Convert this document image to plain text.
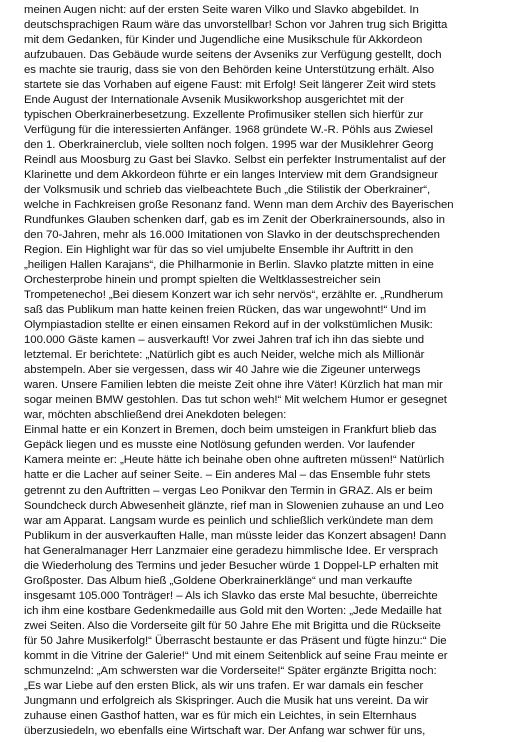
meinen Augen nicht: auf der ersten Seite waren Vilko und Slavko abgebildet. In
deutschsprachigen Raum wäre das unvorstellbar! Schon vor Jahren trug sich Brigitta
mit dem Gedanken, für Kinder und Jugendliche eine Musikschule für Akkordeon
aufzubauen. Das Gebäude wurde seitens der Avseniks zur Verfügung gestellt, doch
es machte sie traurig, dass sie von den Behörden keine Unterstützung erhält. Also
startete sie das Vorhaben auf eigene Faust: mit Erfolg! Seit längerer Zeit wird stets
Ende August der Internationale Avsenik Musikworkshop ausgerichtet mit der
typischen Oberkrainerbesetzung. Exzellente Profimusiker stellen sich hierfür zur
Verfügung für die interessierten Anfänger. 1968 gründete W.-R. Pöhls aus Zwiesel
den 1. Oberkrainerclub, viele sollten noch folgen. 1995 war der Musiklehrer Georg
Reindl aus Moosburg zu Gast bei Slavko. Selbst ein perfekter Instrumentalist auf der
Klarinette und dem Akkordeon führte er ein langes Interview mit dem Grandsigneur
der Volksmusik und schrieb das vielbeachtete Buch „die Stilistik der Oberkrainer“,
welche in Fachkreisen große Resonanz fand. Wenn man dem Archiv des Bayerischen
Rundfunkes Glauben schenken darf, gab es im Zenit der Oberkrainersounds, also in
den 70-Jahren, mehr als 16.000 Imitationen von Slavko in der deutschsprechenden
Region. Ein Highlight war für das so viel umjubelte Ensemble ihr Auftritt in den
„heiligen Hallen Karajans“, die Philharmonie in Berlin. Slavko platzte mitten in eine
Orchesterprobe hinein und prompt spielten die Weltklassestreicher sein
Trompetenecho! „Bei diesem Konzert war ich sehr nervös“, erzählte er. „Rundherum
saß das Publikum man hatte keinen freien Rücken, das war ungewohnt!“ Und im
Olympiastadion stellte er einen einsamen Rekord auf in der volkstümlichen Musik:
100.000 Gäste kamen – ausverkauft! Vor zwei Jahren traf ich ihn das siebte und
letztemal. Er berichtete: „Natürlich gibt es auch Neider, welche mich als Millionär
abstempeln. Aber sie vergessen, dass wir 40 Jahre wie die Zigeuner unterwegs
waren. Unsere Familien lebten die meiste Zeit ohne ihre Väter! Kürzlich hat man mir
sogar meinen BMW gestohlen. Das tut schon weh!“ Mit welchem Humor er gesegnet
war, möchten abschließend drei Anekdoten belegen:
Einmal hatte er ein Konzert in Bremen, doch beim umsteigen in Frankfurt blieb das
Gepäck liegen und es musste eine Notlösung gefunden werden. Vor laufender
Kamera meinte er: „Heute hätte ich beinahe oben ohne auftreten müssen!“ Natürlich
hatte er die Lacher auf seiner Seite. – Ein anderes Mal – das Ensemble fuhr stets
getrennt zu den Auftritten – vergas Leo Ponikvar den Termin in GRAZ. Als er beim
Soundcheck durch Abwesenheit glänzte, rief man in Slowenien zuhause an und Leo
war am Apparat. Langsam wurde es peinlich und schließlich verkündete man dem
Publikum in der ausverkauften Halle, man müsste leider das Konzert absagen! Dann
hat Generalmanager Herr Lanzmaier eine geradezu himmlische Idee. Er versprach
die Wiederholung des Termins und jeder Besucher würde 1 Doppel-LP erhalten mit
Großposter. Das Album hieß „Goldene Oberkrainerklänge“ und man verkaufte
insgesamt 105.000 Tonträger! – Als ich Slavko das erste Mal besuchte, überreichte
ich ihm eine kostbare Gedenkmedaille aus Gold mit den Worten: „Jede Medaille hat
zwei Seiten. Also die Vorderseite gilt für 50 Jahre Ehe mit Brigitta und die Rückseite
für 50 Jahre Musikerfolg!“ Überrascht bestaunte er das Präsent und fügte hinzu:“ Die
kommt in die Vitrine der Galerie!“ Und mit einem Seitenblick auf seine Frau meinte er
schmunzelnd: „Am schwersten war die Vorderseite!“ Später ergänzte Brigitta noch:
„Es war Liebe auf den ersten Blick, als wir uns trafen. Er war damals ein fescher
Jungmann und erfolgreich als Skispringer. Auch die Musik hat uns vereint. Da wir
zuhause einen Gasthof hatten, war es für mich ein Leichtes, in sein Elternhaus
überzusiedeln, wo ebenfalls eine Wirtschaft war. Der Anfang war schwer für uns,
